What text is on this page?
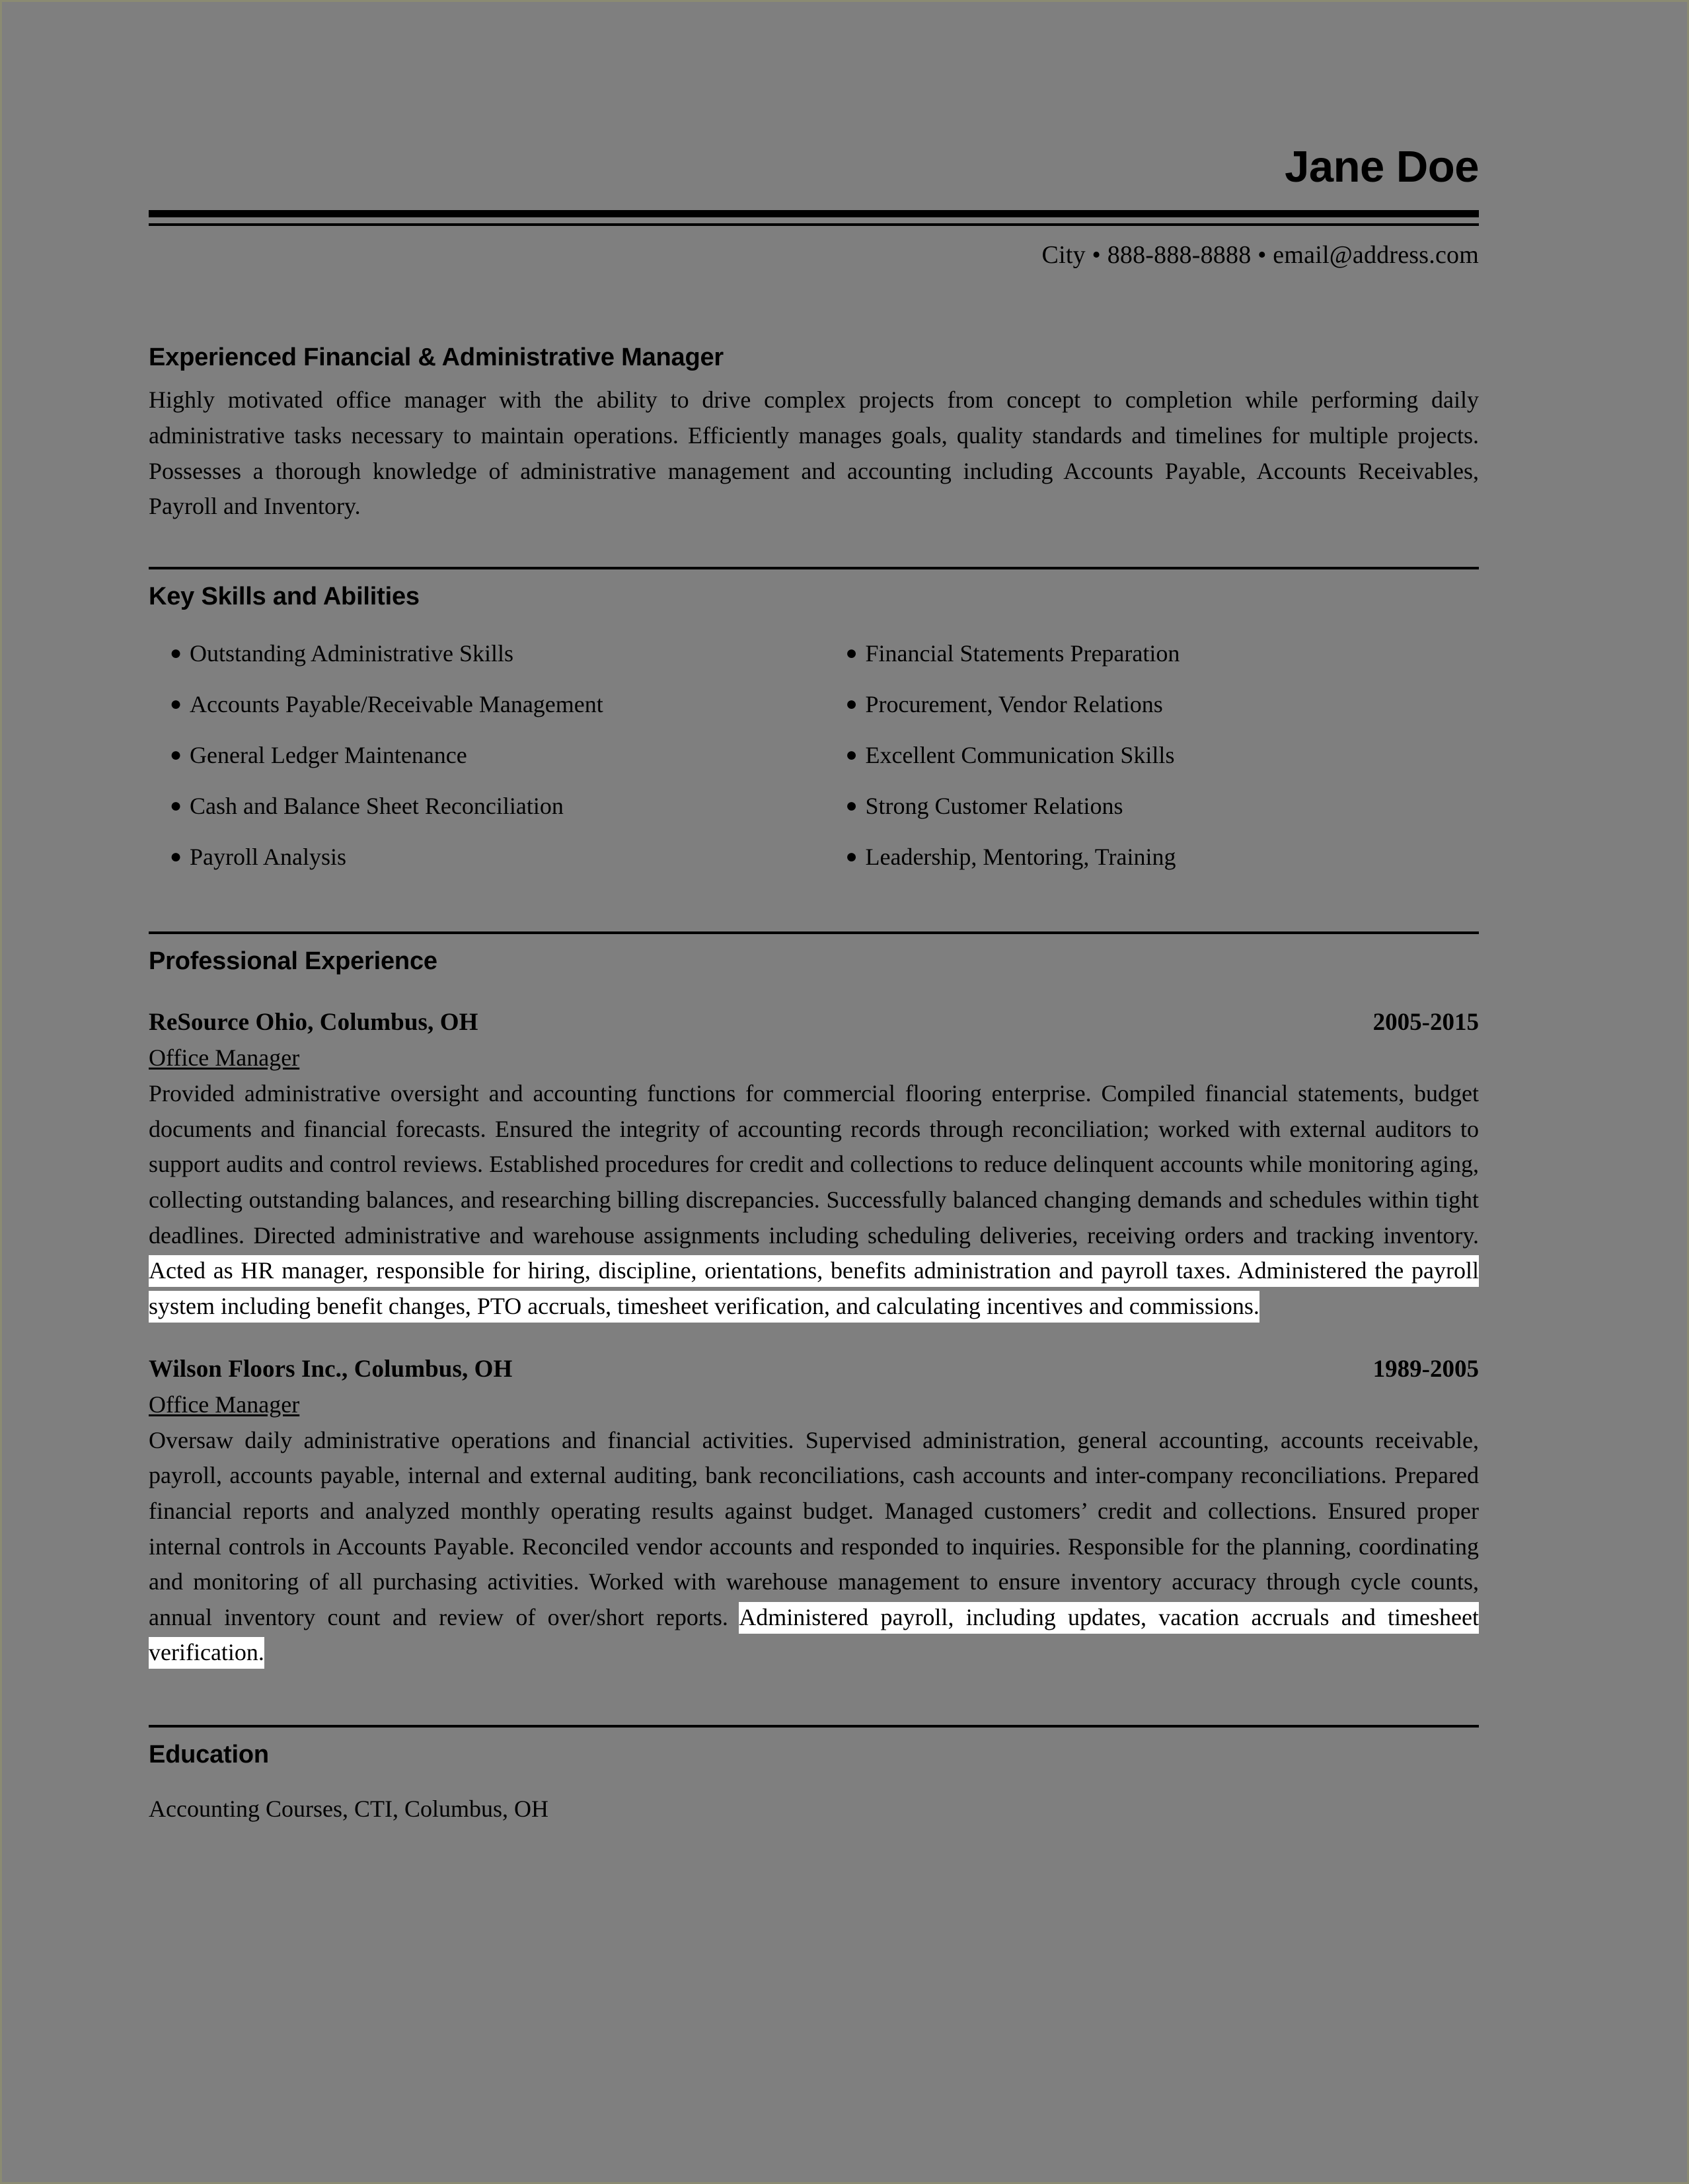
Jane Doe
City • 888-888-8888 • email@address.com
Experienced Financial & Administrative Manager
Highly motivated office manager with the ability to drive complex projects from concept to completion while performing daily administrative tasks necessary to maintain operations. Efficiently manages goals, quality standards and timelines for multiple projects. Possesses a thorough knowledge of administrative management and accounting including Accounts Payable, Accounts Receivables, Payroll and Inventory.
Key Skills and Abilities
● Outstanding Administrative Skills
● Accounts Payable/Receivable Management
● General Ledger Maintenance
● Cash and Balance Sheet Reconciliation
● Payroll Analysis
● Financial Statements Preparation
● Procurement, Vendor Relations
● Excellent Communication Skills
● Strong Customer Relations
● Leadership, Mentoring, Training
Professional Experience
ReSource Ohio, Columbus, OH	2005-2015
Office Manager
Provided administrative oversight and accounting functions for commercial flooring enterprise. Compiled financial statements, budget documents and financial forecasts. Ensured the integrity of accounting records through reconciliation; worked with external auditors to support audits and control reviews. Established procedures for credit and collections to reduce delinquent accounts while monitoring aging, collecting outstanding balances, and researching billing discrepancies. Successfully balanced changing demands and schedules within tight deadlines. Directed administrative and warehouse assignments including scheduling deliveries, receiving orders and tracking inventory. Acted as HR manager, responsible for hiring, discipline, orientations, benefits administration and payroll taxes. Administered the payroll system including benefit changes, PTO accruals, timesheet verification, and calculating incentives and commissions.
Wilson Floors Inc., Columbus, OH	1989-2005
Office Manager
Oversaw daily administrative operations and financial activities. Supervised administration, general accounting, accounts receivable, payroll, accounts payable, internal and external auditing, bank reconciliations, cash accounts and inter-company reconciliations. Prepared financial reports and analyzed monthly operating results against budget. Managed customers’ credit and collections. Ensured proper internal controls in Accounts Payable. Reconciled vendor accounts and responded to inquiries. Responsible for the planning, coordinating and monitoring of all purchasing activities. Worked with warehouse management to ensure inventory accuracy through cycle counts, annual inventory count and review of over/short reports. Administered payroll, including updates, vacation accruals and timesheet verification.
Education
Accounting Courses, CTI, Columbus, OH
